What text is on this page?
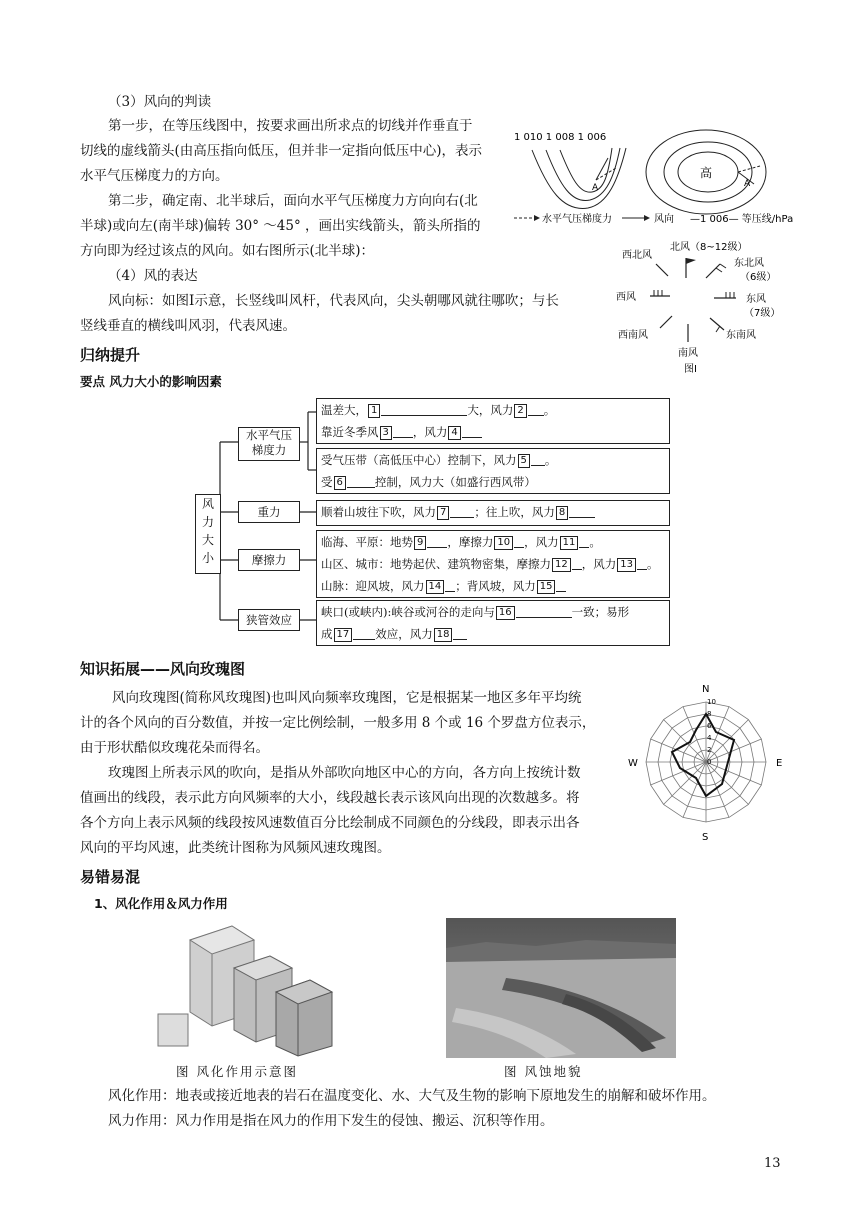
（3）风向的判读
第一步，在等压线图中，按要求画出所求点的切线并作垂直于
切线的虚线箭头(由高压指向低压，但并非一定指向低压中心)，表示
水平气压梯度力的方向。
第二步，确定南、北半球后，面向水平气压梯度力方向向右(北
半球)或向左(南半球)偏转 30° ～45° ，画出实线箭头，箭头所指的
方向即为经过该点的风向。如右图所示(北半球)：
1 010 1 008 1 006
高
A	A
水平气压梯度力	风向 —1 006— 等压线/hPa
北风（8~12级）
西北风
东北风
（6级）
西风	东风
（7级）
西南风	东南风
南风
图Ⅰ
（4）风的表达
风向标：如图Ⅰ示意，长竖线叫风杆，代表风向，尖头朝哪风就往哪吹；与长
竖线垂直的横线叫风羽，代表风速。
归纳提升
要点 风力大小的影响因素
风
力
大
小
水平气压
梯度力
重力
摩擦力
狭管效应
温差大， 1	大，风力 2 。
靠近冬季风 3 ，风力 4
受气压带（高低压中心）控制下，风力 5 。
受 6	控制，风力大（如盛行西风带）
顺着山坡往下吹，风力 7 ；往上吹，风力 8
临海、平原：地势 9 ，摩擦力 10 ，风力 11 。
山区、城市：地势起伏、建筑物密集，摩擦力 12 ，风力 13 。
山脉：迎风坡，风力 14 ；背风坡，风力 15
峡口(或峡内):峡谷或河谷的走向与 16	一致；易形
成 17 效应，风力 18
知识拓展——风向玫瑰图
风向玫瑰图(简称风玫瑰图)也叫风向频率玫瑰图，它是根据某一地区多年平均统
计的各个风向的百分数值，并按一定比例绘制，一般多用 8 个或 16 个罗盘方位表示，
由于形状酷似玫瑰花朵而得名。
玫瑰图上所表示风的吹向，是指从外部吹向地区中心的方向，各方向上按统计数
值画出的线段，表示此方向风频率的大小，线段越长表示该风向出现的次数越多。将
各个方向上表示风频的线段按风速数值百分比绘制成不同颜色的分线段，即表示出各
风向的平均风速，此类统计图称为风频风速玫瑰图。
N
S
E
W
10
8
6
4
2
0
易错易混
1、风化作用＆风力作用
图 风化作用示意图	图 风蚀地貌
风化作用：地表或接近地表的岩石在温度变化、水、大气及生物的影响下原地发生的崩解和破坏作用。
风力作用：风力作用是指在风力的作用下发生的侵蚀、搬运、沉积等作用。
13
